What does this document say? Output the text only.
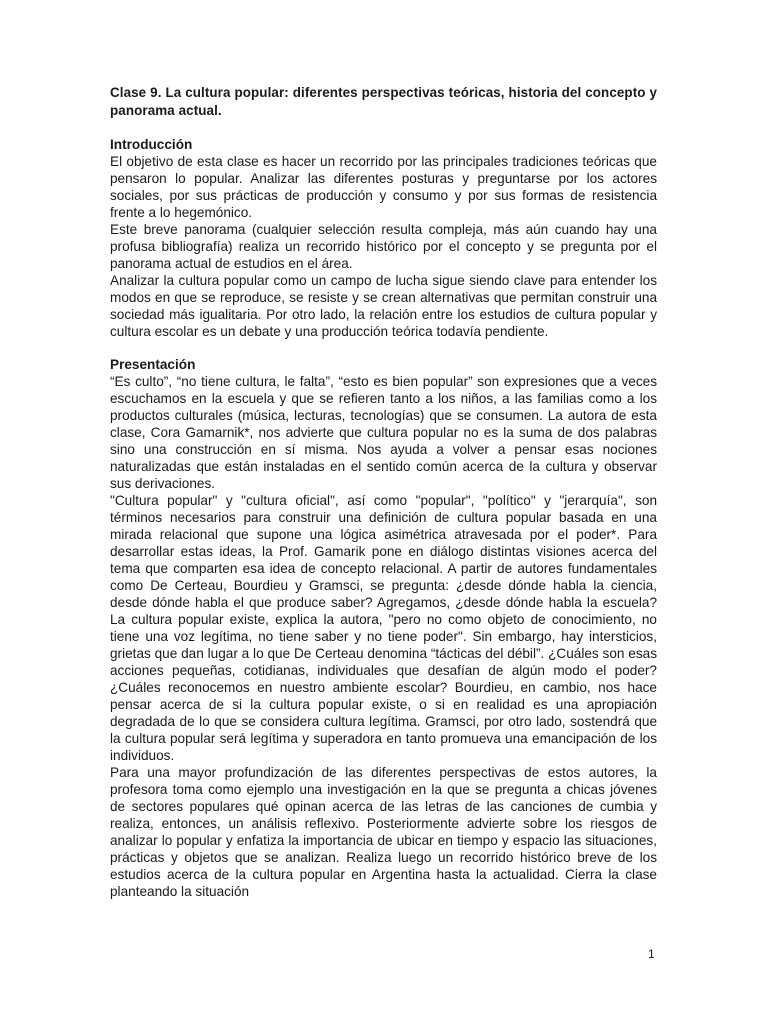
Clase 9. La cultura popular: diferentes perspectivas teóricas, historia del concepto y panorama actual.
Introducción

El objetivo de esta clase es hacer un recorrido por las principales tradiciones teóricas que pensaron lo popular. Analizar las diferentes posturas y preguntarse por los actores sociales, por sus prácticas de producción y consumo y por sus formas de resistencia frente a lo hegemónico.

Este breve panorama (cualquier selección resulta compleja, más aún cuando hay una profusa bibliografía) realiza un recorrido histórico por el concepto y se pregunta por el panorama actual de estudios en el área.

Analizar la cultura popular como un campo de lucha sigue siendo clave para entender los modos en que se reproduce, se resiste y se crean alternativas que permitan construir una sociedad más igualitaria. Por otro lado, la relación entre los estudios de cultura popular y cultura escolar es un debate y una producción teórica todavía pendiente.

Presentación

“Es culto”, “no tiene cultura, le falta”, “esto es bien popular” son expresiones que a veces escuchamos en la escuela y que se refieren tanto a los niños, a las familias como a los productos culturales (música, lecturas, tecnologías) que se consumen. La autora de esta clase, Cora Gamarnik*, nos advierte que cultura popular no es la suma de dos palabras sino una construcción en sí misma. Nos ayuda a volver a pensar esas nociones naturalizadas que están instaladas en el sentido común acerca de la cultura y observar sus derivaciones.

"Cultura popular" y "cultura oficial", así como "popular", "político" y "jerarquía", son términos necesarios para construir una definición de cultura popular basada en una mirada relacional que supone una lógica asimétrica atravesada por el poder*. Para desarrollar estas ideas, la Prof. Gamarik pone en diálogo distintas visiones acerca del tema que comparten esa idea de concepto relacional. A partir de autores fundamentales como De Certeau, Bourdieu y Gramsci, se pregunta: ¿desde dónde habla la ciencia, desde dónde habla el que produce saber? Agregamos, ¿desde dónde habla la escuela? La cultura popular existe, explica la autora, "pero no como objeto de conocimiento, no tiene una voz legítima, no tiene saber y no tiene poder". Sin embargo, hay intersticios, grietas que dan lugar a lo que De Certeau denomina “tácticas del débil”. ¿Cuáles son esas acciones pequeñas, cotidianas, individuales que desafían de algún modo el poder? ¿Cuáles reconocemos en nuestro ambiente escolar? Bourdieu, en cambio, nos hace pensar acerca de si la cultura popular existe, o si en realidad es una apropiación degradada de lo que se considera cultura legítima. Gramsci, por otro lado, sostendrá que la cultura popular será legítima y superadora en tanto promueva una emancipación de los individuos.

Para una mayor profundización de las diferentes perspectivas de estos autores, la profesora toma como ejemplo una investigación en la que se pregunta a chicas jóvenes de sectores populares qué opinan acerca de las letras de las canciones de cumbia y realiza, entonces, un análisis reflexivo. Posteriormente advierte sobre los riesgos de analizar lo popular y enfatiza la importancia de ubicar en tiempo y espacio las situaciones, prácticas y objetos que se analizan. Realiza luego un recorrido histórico breve de los estudios acerca de la cultura popular en Argentina hasta la actualidad. Cierra la clase planteando la situación

1
